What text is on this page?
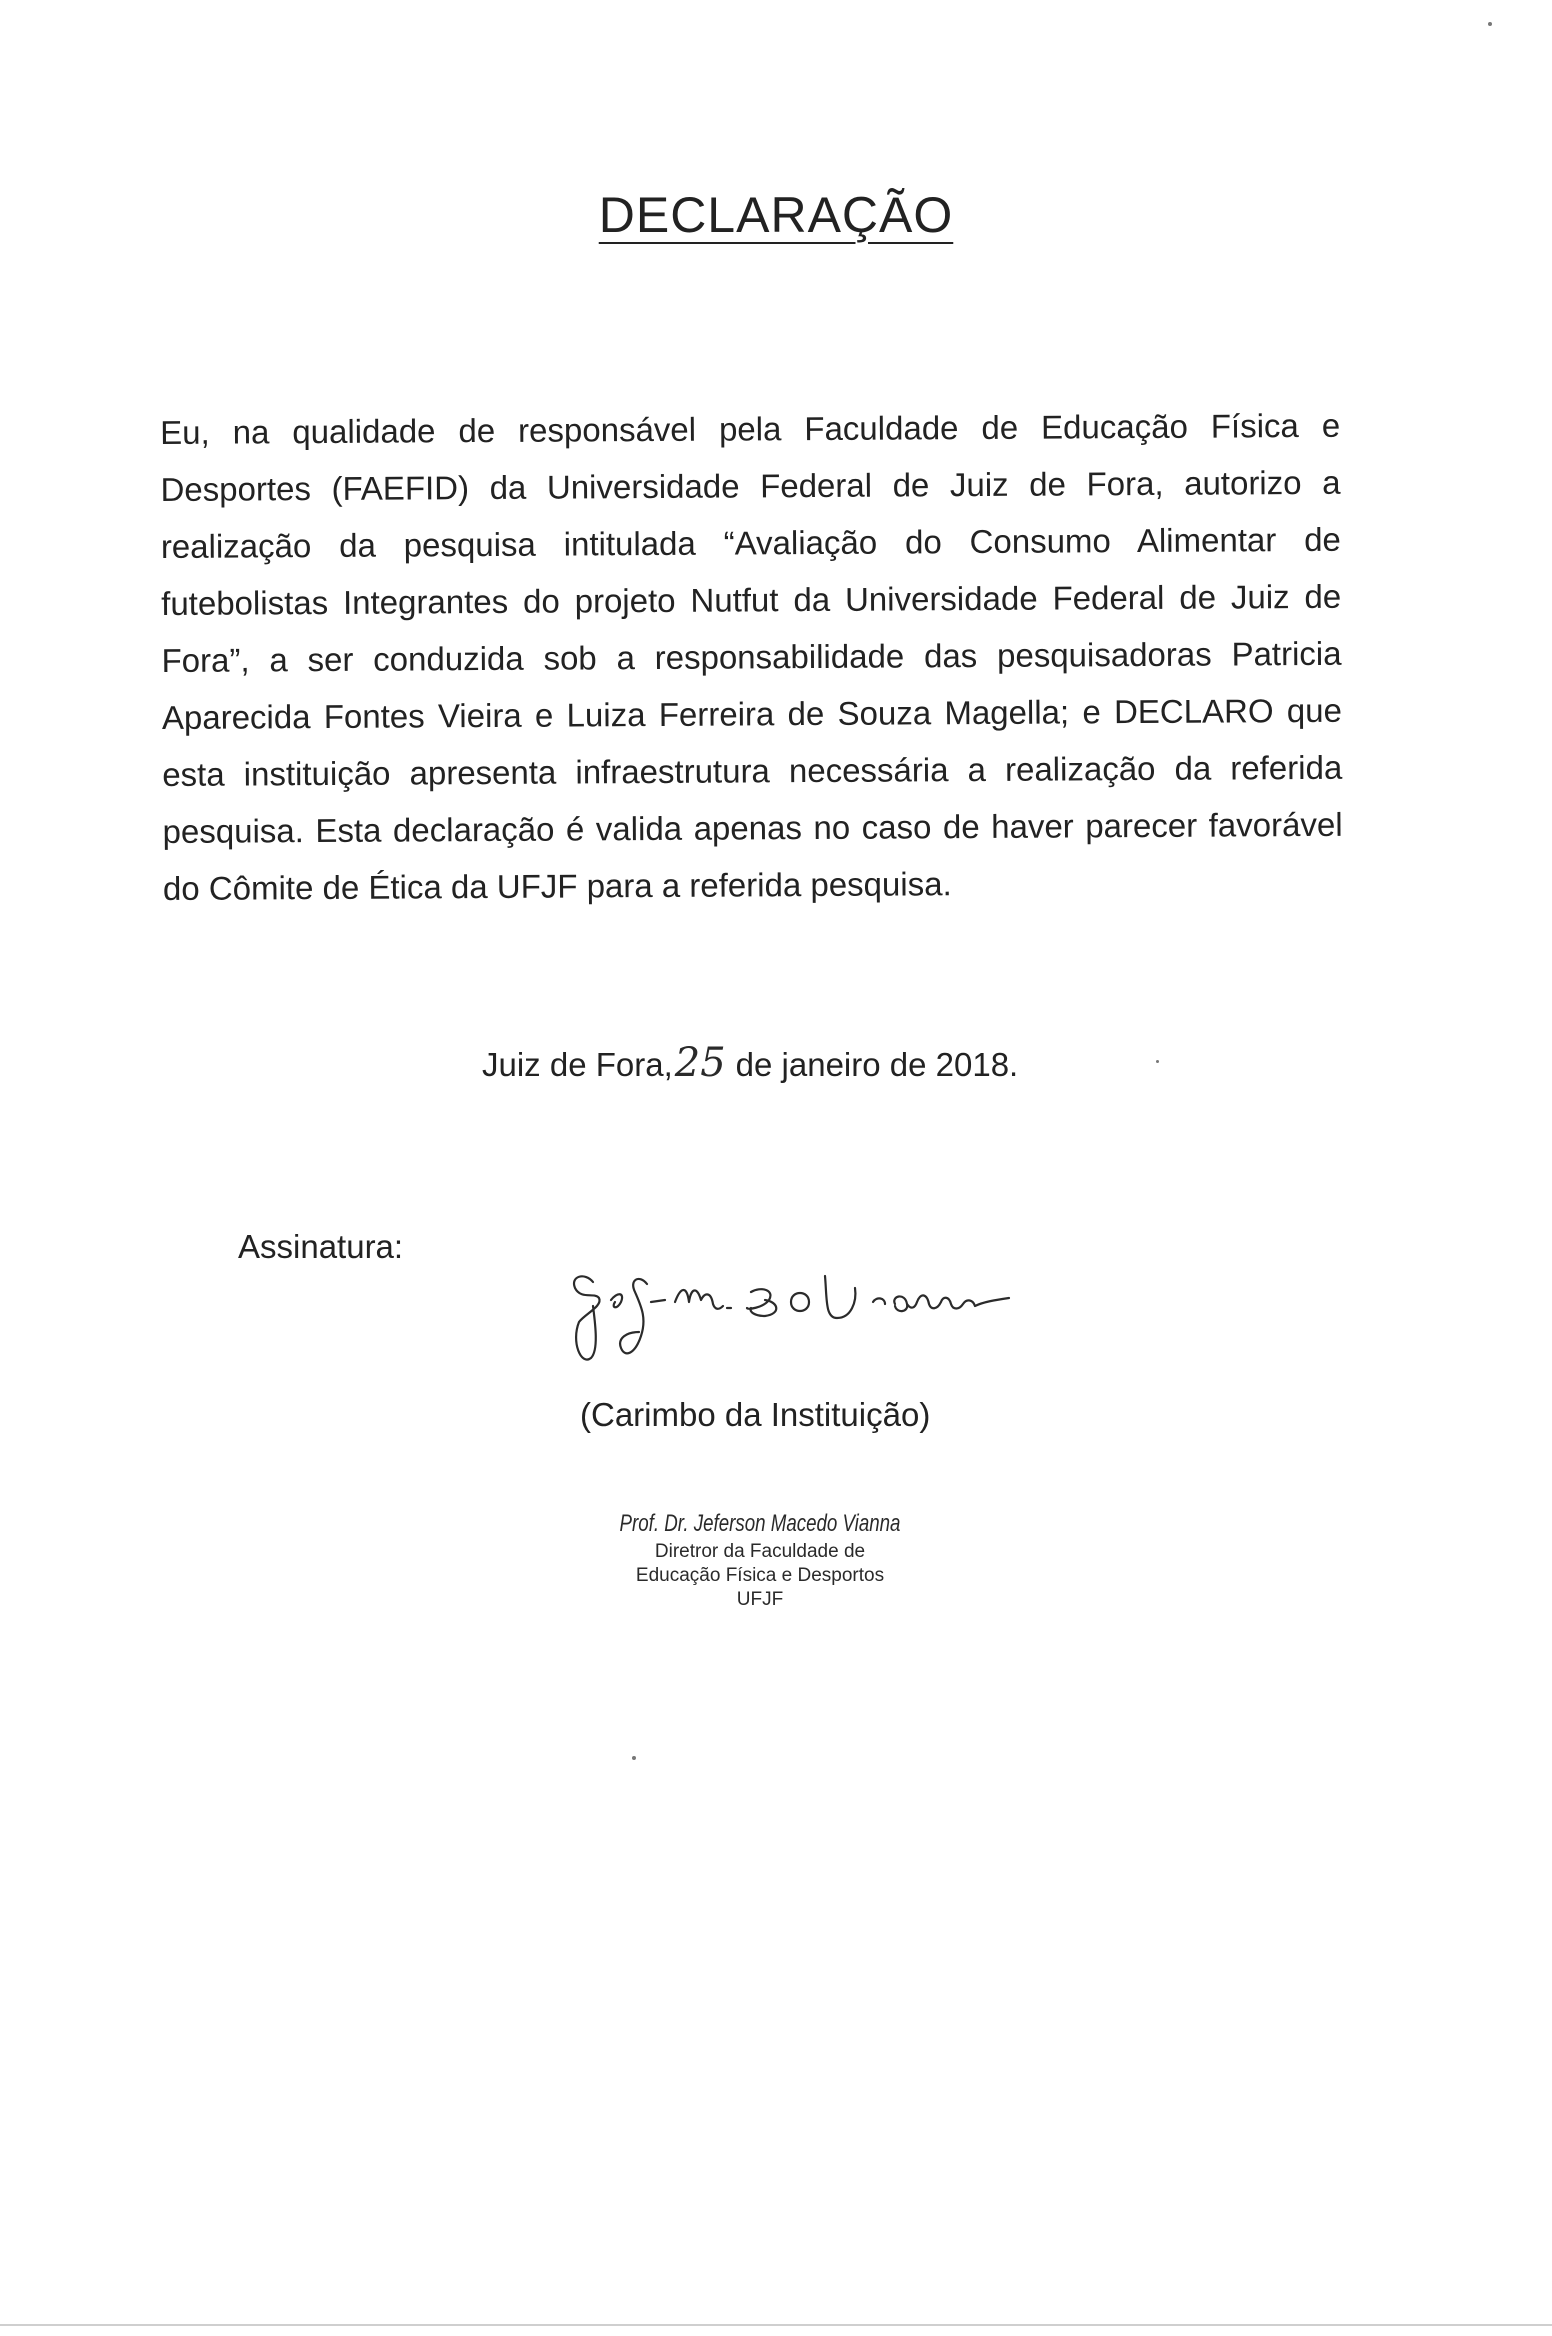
DECLARAÇÃO
Eu, na qualidade de responsável pela Faculdade de Educação Física e Desportes (FAEFID) da Universidade Federal de Juiz de Fora, autorizo a realização da pesquisa intitulada “Avaliação do Consumo Alimentar de futebolistas Integrantes do projeto Nutfut da Universidade Federal de Juiz de Fora”, a ser conduzida sob a responsabilidade das pesquisadoras Patricia Aparecida Fontes Vieira e Luiza Ferreira de Souza Magella; e DECLARO que esta instituição apresenta infraestrutura necessária a realização da referida pesquisa. Esta declaração é valida apenas no caso de haver parecer favorável do Cômite de Ética da UFJF para a referida pesquisa.
Juiz de Fora,25 de janeiro de 2018.
Assinatura:
(Carimbo da Instituição)
Prof. Dr. Jeferson Macedo Vianna
Diretror da Faculdade de
Educação Física e Desportos
UFJF
